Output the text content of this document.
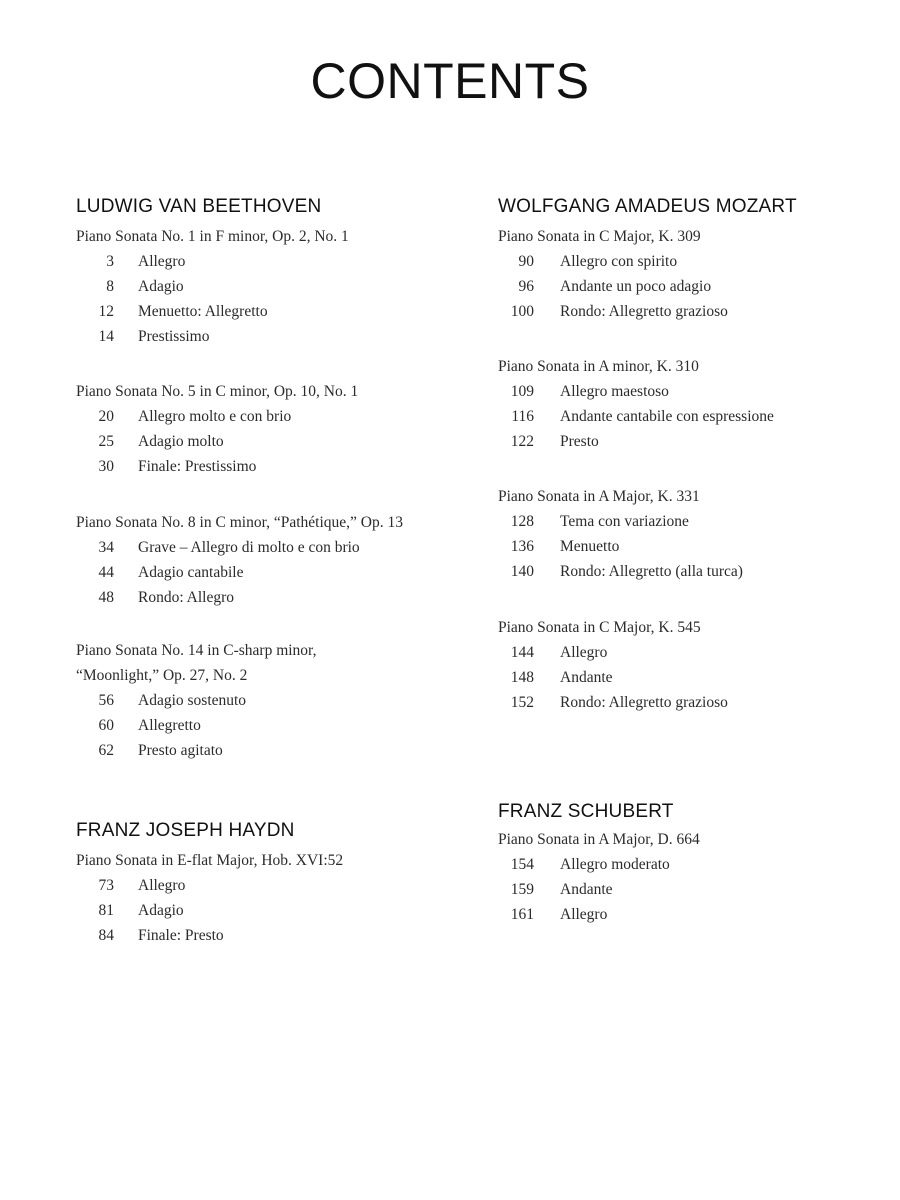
CONTENTS
LUDWIG VAN BEETHOVEN
Piano Sonata No. 1 in F minor, Op. 2, No. 1
3 Allegro
8 Adagio
12 Menuetto: Allegretto
14 Prestissimo
Piano Sonata No. 5 in C minor, Op. 10, No. 1
20 Allegro molto e con brio
25 Adagio molto
30 Finale: Prestissimo
Piano Sonata No. 8 in C minor, “Pathétique,” Op. 13
34 Grave – Allegro di molto e con brio
44 Adagio cantabile
48 Rondo: Allegro
Piano Sonata No. 14 in C-sharp minor,
“Moonlight,” Op. 27, No. 2
56 Adagio sostenuto
60 Allegretto
62 Presto agitato
FRANZ JOSEPH HAYDN
Piano Sonata in E-flat Major, Hob. XVI:52
73 Allegro
81 Adagio
84 Finale: Presto
WOLFGANG AMADEUS MOZART
Piano Sonata in C Major, K. 309
90 Allegro con spirito
96 Andante un poco adagio
100 Rondo: Allegretto grazioso
Piano Sonata in A minor, K. 310
109 Allegro maestoso
116 Andante cantabile con espressione
122 Presto
Piano Sonata in A Major, K. 331
128 Tema con variazione
136 Menuetto
140 Rondo: Allegretto (alla turca)
Piano Sonata in C Major, K. 545
144 Allegro
148 Andante
152 Rondo: Allegretto grazioso
FRANZ SCHUBERT
Piano Sonata in A Major, D. 664
154 Allegro moderato
159 Andante
161 Allegro
